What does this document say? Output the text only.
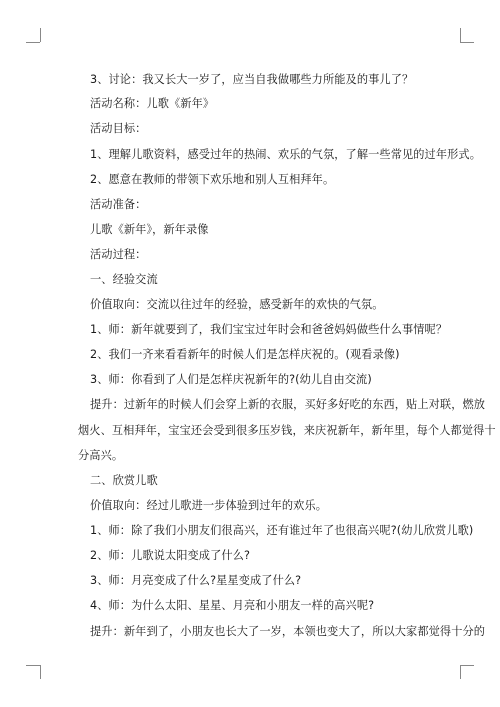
3、讨论：我又长大一岁了，应当自我做哪些力所能及的事儿了？

活动名称：儿歌《新年》

活动目标：

1、理解儿歌资料，感受过年的热闹、欢乐的气氛，了解一些常见的过年形式。

2、愿意在教师的带领下欢乐地和别人互相拜年。

活动准备：

儿歌《新年》，新年录像

活动过程：

一、经验交流

价值取向：交流以往过年的经验，感受新年的欢快的气氛。

1、师：新年就要到了，我们宝宝过年时会和爸爸妈妈做些什么事情呢？

2、我们一齐来看看新年的时候人们是怎样庆祝的。(观看录像)

3、师：你看到了人们是怎样庆祝新年的?(幼儿自由交流)

提升：过新年的时候人们会穿上新的衣服，买好多好吃的东西，贴上对联，燃放

烟火、互相拜年，宝宝还会受到很多压岁钱，来庆祝新年，新年里，每个人都觉得十

分高兴。

二、欣赏儿歌

价值取向：经过儿歌进一步体验到过年的欢乐。

1、师：除了我们小朋友们很高兴，还有谁过年了也很高兴呢?(幼儿欣赏儿歌)

2、师：儿歌说太阳变成了什么?

3、师：月亮变成了什么?星星变成了什么?

4、师：为什么太阳、星星、月亮和小朋友一样的高兴呢?

提升：新年到了，小朋友也长大了一岁，本领也变大了，所以大家都觉得十分的
